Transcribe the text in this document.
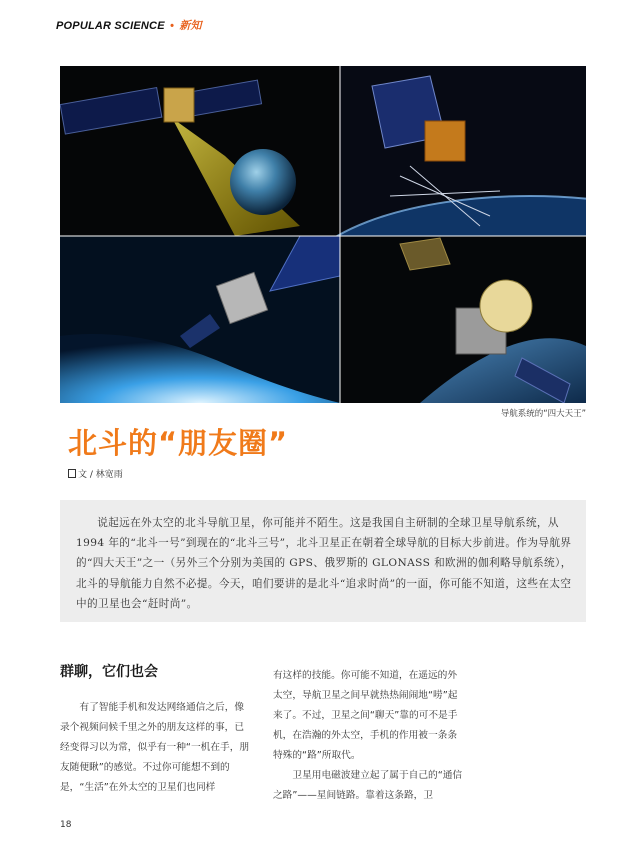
POPULAR SCIENCE • 新知
导航系统的“四大天王”
北斗的“朋友圈”
文 / 林宽雨

说起远在外太空的北斗导航卫星，你可能并不陌生。这是我国自主研制的全球卫星导航系统，从 1994 年的“北斗一号”到现在的“北斗三号”，北斗卫星正在朝着全球导航的目标大步前进。作为导航界的“四大天王”之一（另外三个分别为美国的 GPS、俄罗斯的 GLONASS 和欧洲的伽利略导航系统），北斗的导航能力自然不必提。今天，咱们要讲的是北斗“追求时尚”的一面，你可能不知道，这些在太空中的卫星也会“赶时尚”。

群聊，它们也会

有了智能手机和发达网络通信之后，像录个视频问候千里之外的朋友这样的事，已经变得习以为常，似乎有一种“一机在手，朋友随便瞅”的感觉。不过你可能想不到的是，“生活”在外太空的卫星们也同样

有这样的技能。你可能不知道，在遥远的外太空，导航卫星之间早就热热闹闹地“唠”起来了。不过，卫星之间“聊天”靠的可不是手机，在浩瀚的外太空，手机的作用被一条条特殊的“路”所取代。

卫星用电磁波建立起了属于自己的“通信之路”——星间链路。靠着这条路，卫

18
